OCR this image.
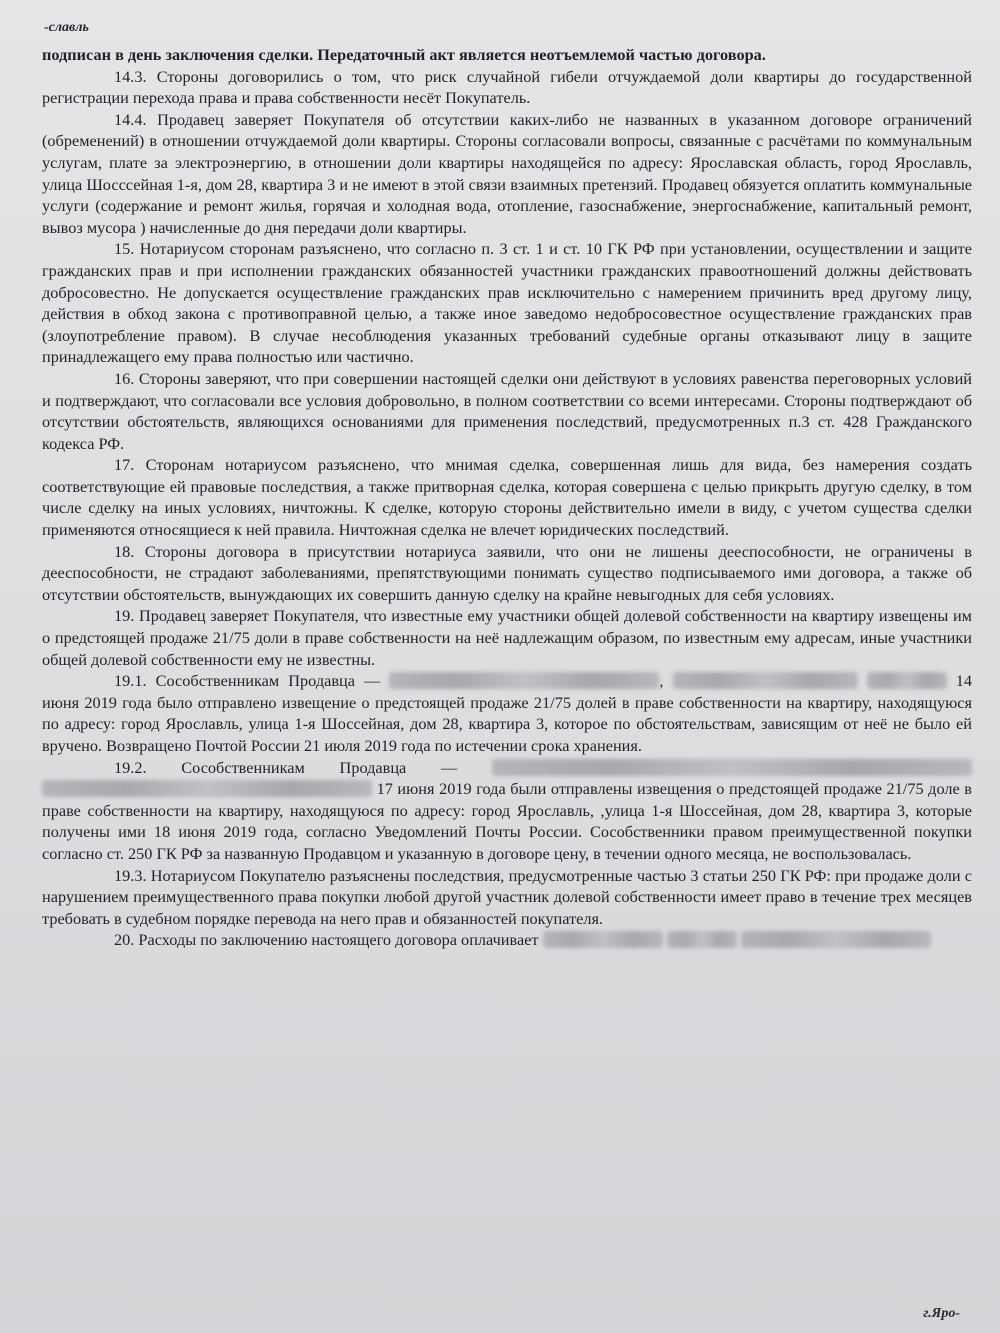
-славль

подписан в день заключения сделки. Передаточный акт является неотъемлемой частью договора.

14.3. Стороны договорились о том, что риск случайной гибели отчуждаемой доли квартиры до государственной регистрации перехода права и права собственности несёт Покупатель.

14.4. Продавец заверяет Покупателя об отсутствии каких-либо не названных в указанном договоре ограничений (обременений) в отношении отчуждаемой доли квартиры. Стороны согласовали вопросы, связанные с расчётами по коммунальным услугам, плате за электроэнергию, в отношении доли квартиры находящейся по адресу: Ярославская область, город Ярославль, улица Шосссейная 1-я, дом 28, квартира 3 и не имеют в этой связи взаимных претензий. Продавец обязуется оплатить коммунальные услуги (содержание и ремонт жилья, горячая и холодная вода, отопление, газоснабжение, энергоснабжение, капитальный ремонт, вывоз мусора ) начисленные до дня передачи доли квартиры.

15. Нотариусом сторонам разъяснено, что согласно п. 3 ст. 1 и ст. 10 ГК РФ при установлении, осуществлении и защите гражданских прав и при исполнении гражданских обязанностей участники гражданских правоотношений должны действовать добросовестно. Не допускается осуществление гражданских прав исключительно с намерением причинить вред другому лицу, действия в обход закона с противоправной целью, а также иное заведомо недобросовестное осуществление гражданских прав (злоупотребление правом). В случае несоблюдения указанных требований судебные органы отказывают лицу в защите принадлежащего ему права полностью или частично.

16. Стороны заверяют, что при совершении настоящей сделки они действуют в условиях равенства переговорных условий и подтверждают, что согласовали все условия добровольно, в полном соответствии со всеми интересами. Стороны подтверждают об отсутствии обстоятельств, являющихся основаниями для применения последствий, предусмотренных п.3 ст. 428 Гражданского кодекса РФ.

17. Сторонам нотариусом разъяснено, что мнимая сделка, совершенная лишь для вида, без намерения создать соответствующие ей правовые последствия, а также притворная сделка, которая совершена с целью прикрыть другую сделку, в том числе сделку на иных условиях, ничтожны. К сделке, которую стороны действительно имели в виду, с учетом существа сделки применяются относящиеся к ней правила. Ничтожная сделка не влечет юридических последствий.

18. Стороны договора в присутствии нотариуса заявили, что они не лишены дееспособности, не ограничены в дееспособности, не страдают заболеваниями, препятствующими понимать существо подписываемого ими договора, а также об отсутствии обстоятельств, вынуждающих их совершить данную сделку на крайне невыгодных для себя условиях.

19. Продавец заверяет Покупателя, что известные ему участники общей долевой собственности на квартиру извещены им о предстоящей продаже 21/75 доли в праве собственности на неё надлежащим образом, по известным ему адресам, иные участники общей долевой собственности ему не известны.

19.1. Сособственникам Продавца —	,	14 июня 2019 года было отправлено извещение о предстоящей продаже 21/75 долей в праве собственности на квартиру, находящуюся по адресу: город Ярославль, улица 1-я Шоссейная, дом 28, квартира 3, которое по обстоятельствам, зависящим от неё не было ей вручено. Возвращено Почтой России 21 июля 2019 года по истечении срока хранения.

19.2. Сособственникам Продавца —   17 июня 2019 года были отправлены извещения о предстоящей продаже 21/75 доле в праве собственности на квартиру, находящуюся по адресу: город Ярославль, ,улица 1-я Шоссейная, дом 28, квартира 3, которые получены ими 18 июня 2019 года, согласно Уведомлений Почты России. Сособственники правом преимущественной покупки согласно ст. 250 ГК РФ за названную Продавцом и указанную в договоре цену, в течении одного месяца, не воспользовалась.

19.3. Нотариусом Покупателю разъяснены последствия, предусмотренные частью 3 статьи 250 ГК РФ: при продаже доли с нарушением преимущественного права покупки любой другой участник долевой собственности имеет право в течение трех месяцев требовать в судебном порядке перевода на него прав и обязанностей покупателя.

20. Расходы по заключению настоящего договора оплачивает

г.Яро-
